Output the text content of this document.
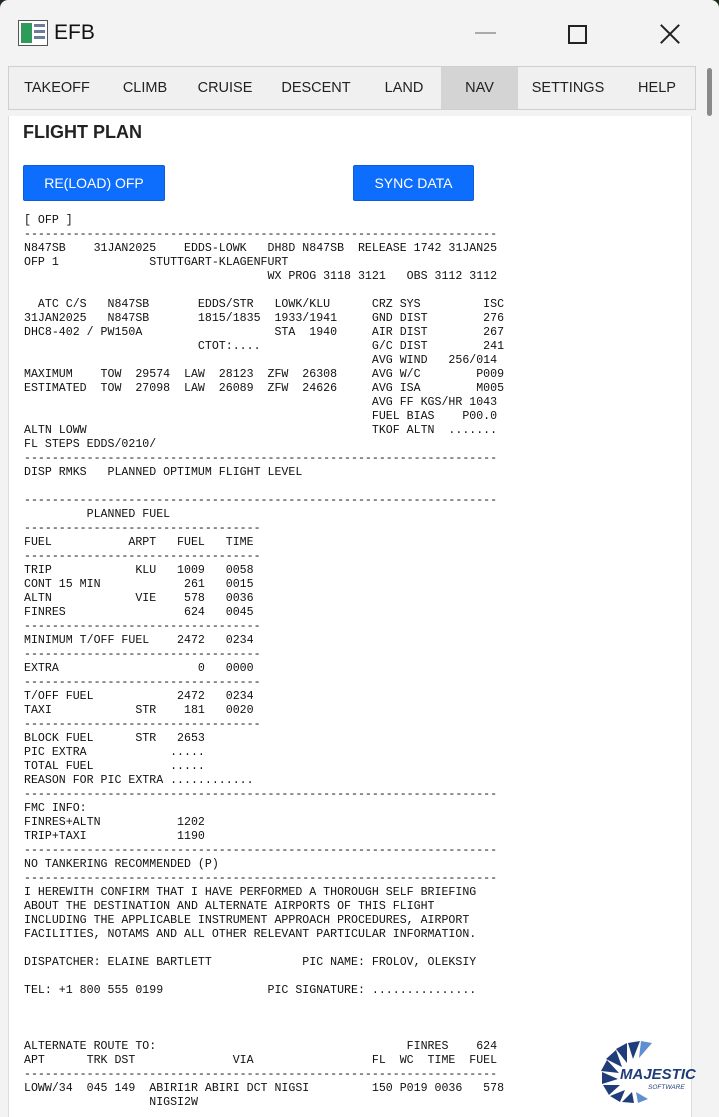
EFB
TAKEOFF	CLIMB	CRUISE	DESCENT	LAND	NAV	SETTINGS	HELP
FLIGHT PLAN
RE(LOAD) OFP	SYNC DATA
[ OFP ]
--------------------------------------------------------------------
N847SB    31JAN2025    EDDS-LOWK   DH8D N847SB  RELEASE 1742 31JAN25
OFP 1             STUTTGART-KLAGENFURT
WX PROG 3118 3121   OBS 3112 3112

ATC C/S   N847SB       EDDS/STR   LOWK/KLU      CRZ SYS         ISC
31JAN2025   N847SB       1815/1835  1933/1941     GND DIST        276
DHC8-402 / PW150A                   STA  1940     AIR DIST        267
CTOT:....                G/C DIST        241
AVG WIND   256/014
MAXIMUM    TOW  29574  LAW  28123  ZFW  26308     AVG W/C        P009
ESTIMATED  TOW  27098  LAW  26089  ZFW  24626     AVG ISA        M005
AVG FF KGS/HR 1043
FUEL BIAS    P00.0
ALTN LOWW                                         TKOF ALTN  .......
FL STEPS EDDS/0210/
--------------------------------------------------------------------
DISP RMKS   PLANNED OPTIMUM FLIGHT LEVEL

--------------------------------------------------------------------
PLANNED FUEL
----------------------------------
FUEL           ARPT   FUEL   TIME
----------------------------------
TRIP            KLU   1009   0058
CONT 15 MIN            261   0015
ALTN            VIE    578   0036
FINRES                 624   0045
----------------------------------
MINIMUM T/OFF FUEL    2472   0234
----------------------------------
EXTRA                    0   0000
----------------------------------
T/OFF FUEL            2472   0234
TAXI            STR    181   0020
----------------------------------
BLOCK FUEL      STR   2653
PIC EXTRA            .....
TOTAL FUEL           .....
REASON FOR PIC EXTRA ............
--------------------------------------------------------------------
FMC INFO:
FINRES+ALTN           1202
TRIP+TAXI             1190
--------------------------------------------------------------------
NO TANKERING RECOMMENDED (P)
--------------------------------------------------------------------
I HEREWITH CONFIRM THAT I HAVE PERFORMED A THOROUGH SELF BRIEFING
ABOUT THE DESTINATION AND ALTERNATE AIRPORTS OF THIS FLIGHT
INCLUDING THE APPLICABLE INSTRUMENT APPROACH PROCEDURES, AIRPORT
FACILITIES, NOTAMS AND ALL OTHER RELEVANT PARTICULAR INFORMATION.

DISPATCHER: ELAINE BARTLETT             PIC NAME: FROLOV, OLEKSIY

TEL: +1 800 555 0199               PIC SIGNATURE: ...............

ALTERNATE ROUTE TO:                                    FINRES    624
APT      TRK DST              VIA                 FL  WC  TIME  FUEL
--------------------------------------------------------------------
LOWW/34  045 149  ABIRI1R ABIRI DCT NIGSI         150 P019 0036   578
NIGSI2W
MAJESTIC
SOFTWARE
